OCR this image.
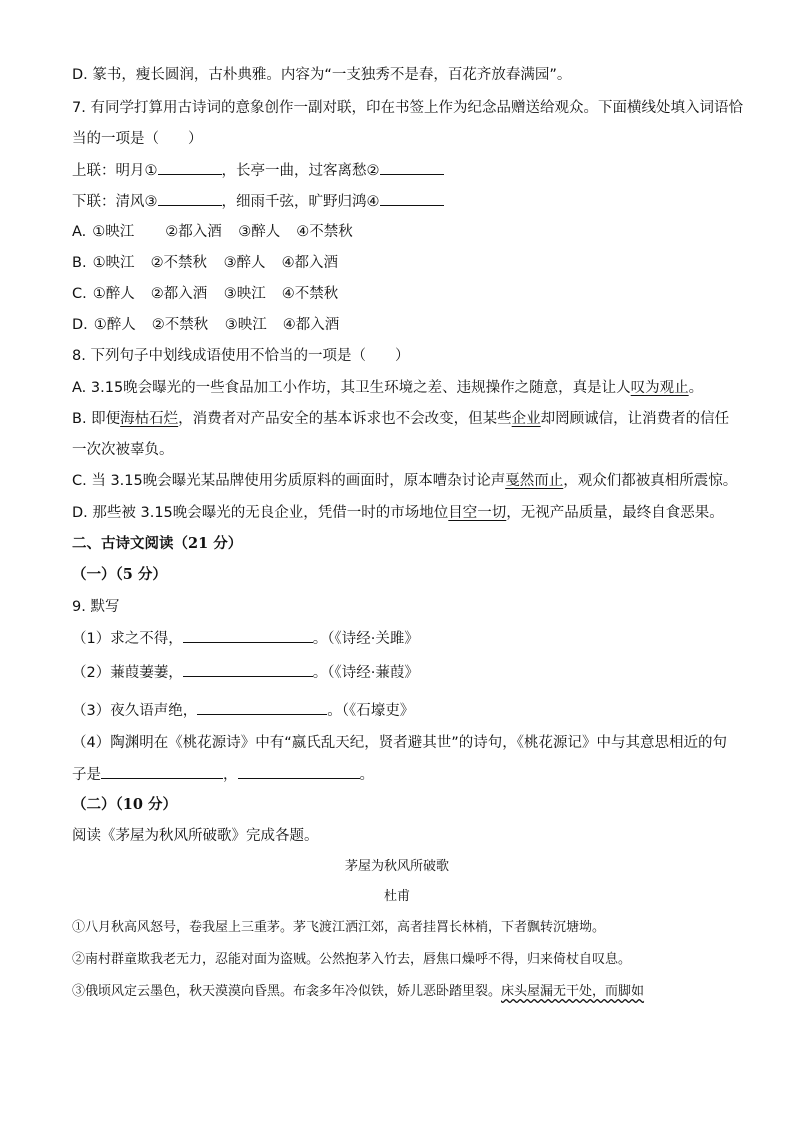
D. 篆书，瘦长圆润，古朴典雅。内容为“一支独秀不是春，百花齐放春满园”。
7. 有同学打算用古诗词的意象创作一副对联，印在书签上作为纪念品赠送给观众。下面横线处填入词语恰
当的一项是（　　）
上联：明月①	，长亭一曲，过客离愁②
下联：清风③	，细雨千弦，旷野归鸿④
A. ①映江 ②都入酒 ③醉人 ④不禁秋
B. ①映江 ②不禁秋 ③醉人 ④都入酒
C. ①醉人 ②都入酒 ③映江 ④不禁秋
D. ①醉人 ②不禁秋 ③映江 ④都入酒
8. 下列句子中划线成语使用不恰当的一项是（　　）
A. 3.15晚会曝光的一些食品加工小作坊，其卫生环境之差、违规操作之随意，真是让人叹为观止。
B. 即便海枯石烂，消费者对产品安全的基本诉求也不会改变，但某些企业却罔顾诚信，让消费者的信任
一次次被辜负。
C. 当 3.15晚会曝光某品牌使用劣质原料的画面时，原本嘈杂讨论声戛然而止，观众们都被真相所震惊。
D. 那些被 3.15晚会曝光的无良企业，凭借一时的市场地位目空一切，无视产品质量，最终自食恶果。
二、古诗文阅读（21 分）
（一）（5 分）
9. 默写
（1）求之不得，	。（《诗经·关雎》
（2）蒹葭萋萋，	。（《诗经·蒹葭》
（3）夜久语声绝，	。（《石壕吏》
（4）陶渊明在《桃花源诗》中有“嬴氏乱天纪，贤者避其世”的诗句，《桃花源记》中与其意思相近的句
子是	，	。
（二）（10 分）
阅读《茅屋为秋风所破歌》完成各题。
茅屋为秋风所破歌
杜甫
①八月秋高风怒号，卷我屋上三重茅。茅飞渡江洒江郊，高者挂罥长林梢，下者飘转沉塘坳。
②南村群童欺我老无力，忍能对面为盗贼。公然抱茅入竹去，唇焦口燥呼不得，归来倚杖自叹息。
③俄顷风定云墨色，秋天漠漠向昏黑。布衾多年冷似铁，娇儿恶卧踏里裂。床头屋漏无干处，而脚如
